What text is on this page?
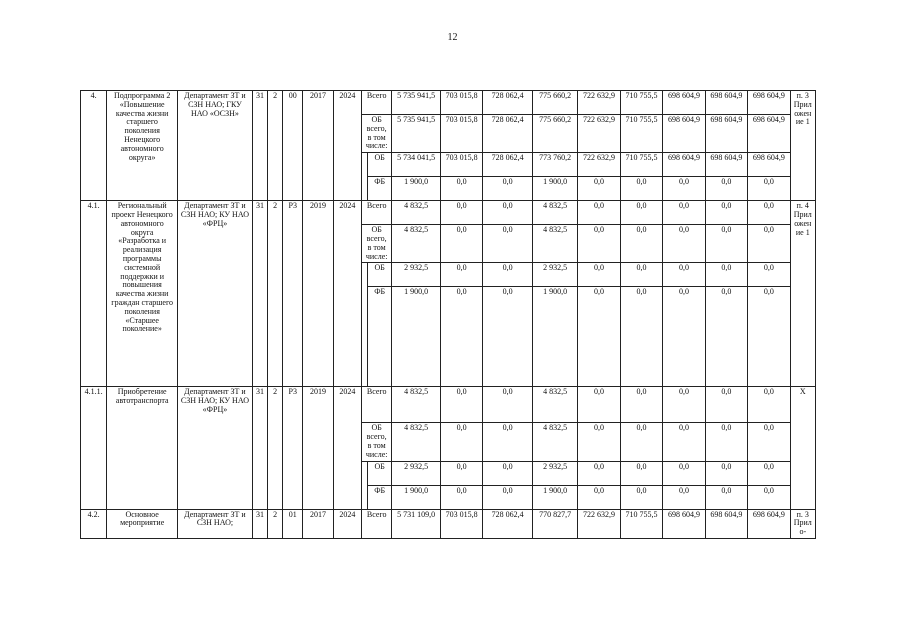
12
4.	Подпрограмма 2 «Повышение качества жизни старшего поколения Ненецкого автономного округа»	Департамент ЗТ и СЗН НАО; ГКУ НАО «ОСЗН»	31	2	00	2017	2024	Всего		5 735 941,5	703 015,8	728 062,4	775 660,2	722 632,9	710 755,5	698 604,9	698 604,9	698 604,9	п. 3 Приложение 1
								ОБ всего, в том числе:		5 735 941,5	703 015,8	728 062,4	775 660,2	722 632,9	710 755,5	698 604,9	698 604,9	698 604,9	
									ОБ	5 734 041,5	703 015,8	728 062,4	773 760,2	722 632,9	710 755,5	698 604,9	698 604,9	698 604,9	
									ФБ	1 900,0	0,0	0,0	1 900,0	0,0	0,0	0,0	0,0	0,0	
4.1.	Региональный проект Ненецкого автономного округа «Разработка и реализация программы системной поддержки и повышения качества жизни граждан старшего поколения «Старшее поколение»	Департамент ЗТ и СЗН НАО; КУ НАО «ФРЦ»	31	2	P3	2019	2024	Всего		4 832,5	0,0	0,0	4 832,5	0,0	0,0	0,0	0,0	0,0	п. 4 Приложение 1
								ОБ всего, в том числе:		4 832,5	0,0	0,0	4 832,5	0,0	0,0	0,0	0,0	0,0	
									ОБ	2 932,5	0,0	0,0	2 932,5	0,0	0,0	0,0	0,0	0,0	
									ФБ	1 900,0	0,0	0,0	1 900,0	0,0	0,0	0,0	0,0	0,0	
4.1.1.	Приобретение автотранспорта	Департамент ЗТ и СЗН НАО; КУ НАО «ФРЦ»	31	2	P3	2019	2024	Всего		4 832,5	0,0	0,0	4 832,5	0,0	0,0	0,0	0,0	0,0	Х
								ОБ всего, в том числе:		4 832,5	0,0	0,0	4 832,5	0,0	0,0	0,0	0,0	0,0	
									ОБ	2 932,5	0,0	0,0	2 932,5	0,0	0,0	0,0	0,0	0,0	
									ФБ	1 900,0	0,0	0,0	1 900,0	0,0	0,0	0,0	0,0	0,0	
4.2.	Основное мероприятие	Департамент ЗТ и СЗН НАО;	31	2	01	2017	2024	Всего		5 731 109,0	703 015,8	728 062,4	770 827,7	722 632,9	710 755,5	698 604,9	698 604,9	698 604,9	п. 3 Прило-
